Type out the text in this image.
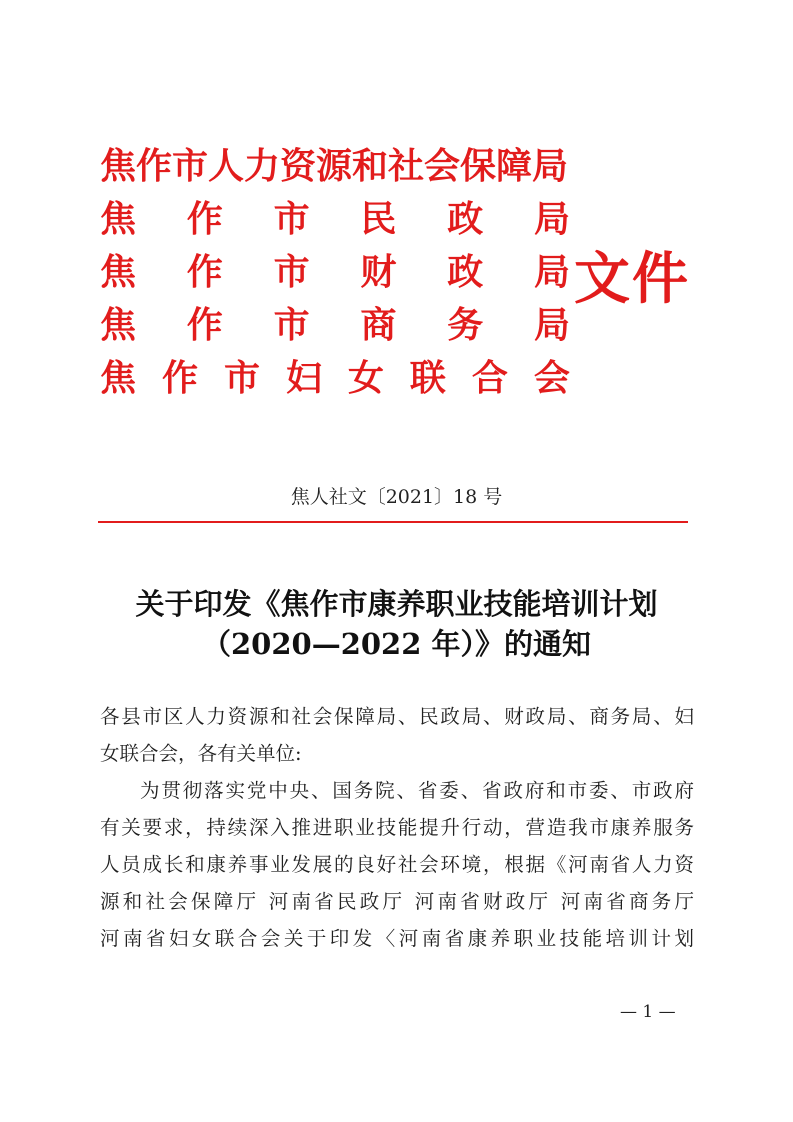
焦作市人力资源和社会保障局
焦 作 市 民 政 局
焦 作 市 财 政 局
焦 作 市 商 务 局
焦 作 市 妇 女 联 合 会
文件
焦人社文〔2021〕18 号
关于印发《焦作市康养职业技能培训计划
（2020—2022 年）》的通知
各县市区人力资源和社会保障局、民政局、财政局、商务局、妇
女联合会，各有关单位:
为贯彻落实党中央、国务院、省委、省政府和市委、市政府
有关要求，持续深入推进职业技能提升行动，营造我市康养服务
人员成长和康养事业发展的良好社会环境，根据《河南省人力资
源和社会保障厅 河南省民政厅 河南省财政厅 河南省商务厅
河南省妇女联合会关于印发〈河南省康养职业技能培训计划
— 1 —
